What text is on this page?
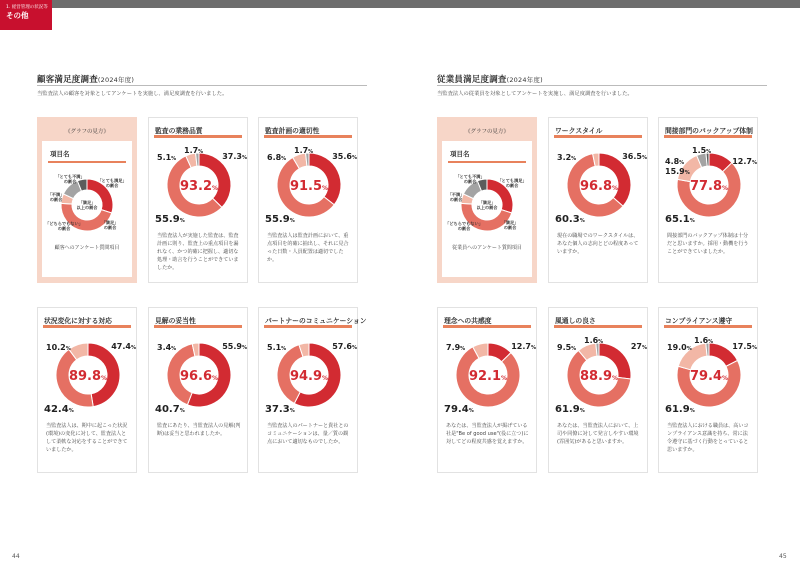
1. 経営管理の状況等
その他
顧客満足度調査(2024年度)
当監査法人の顧客を対象としてアンケートを実施し、満足度調査を行いました。
《グラフの見方》
項目名
「満足」以上の割合
「とても不満」の割合
「不満」の割合
「どちらでもない」の割合
「とても満足」の割合
「満足」の割合
顧客へのアンケート質問項目
監査の業務品質
93.2%
37.3%
55.9%
5.1%
1.7%
当監査法人が実施した監査は、監査計画に則り、監査上の重点項目を漏れなく、かつ的確に把握し、適切な処理・助言を行うことができていましたか。
監査計画の適切性
91.5%
35.6%
55.9%
6.8%
1.7%
当監査法人は監査計画において、重点項目を的確に抽出し、それに見合った日数・人員配置は適切でしたか。
状況変化に対する対応
89.8%
47.4%
42.4%
10.2%
当監査法人は、期中に起こった状況(環境)の変化に対して、監査法人として柔軟な対応をすることができていましたか。
見解の妥当性
96.6%
55.9%
40.7%
3.4%
監査にあたり、当監査法人の見解(判断)は妥当と思われましたか。
パートナーのコミュニケーション
94.9%
57.6%
37.3%
5.1%
当監査法人のパートナーと貴社とのコミュニケーションは、量／質の観点において適切なものでしたか。
従業員満足度調査(2024年度)
当監査法人の従業員を対象としてアンケートを実施し、満足度調査を行いました。
《グラフの見方》
項目名
「満足」以上の割合
「とても不満」の割合
「不満」の割合
「どちらでもない」の割合
「とても満足」の割合
「満足」の割合
従業員へのアンケート質問項目
ワークスタイル
96.8%
36.5%
60.3%
3.2%
現在の職場でのワークスタイルは、あなた個人の志向とどの程度あっていますか。
間接部門のバックアップ体制
77.8%
12.7%
65.1%
15.9%
4.8%
1.5%
間接部門のバックアップ体制は十分だと思いますか。採用・動機を行うことができていましたか。
理念への共感度
92.1%
12.7%
79.4%
7.9%
あなたは、当監査法人が掲げている社是"Be of good use"(役に立つ)に対してどの程度共感を覚えますか。
風通しの良さ
88.9%
27%
61.9%
9.5%
1.6%
あなたは、当監査法人において、上司や同僚に対して発言しやすい環境(雰囲気)があると思いますか。
コンプライアンス遵守
79.4%
17.5%
61.9%
19.0%
1.6%
当監査法人における職員は、高いコンプライアンス意識を持ち、常に法令遵守に基づく行動をとっていると思いますか。
44	45
